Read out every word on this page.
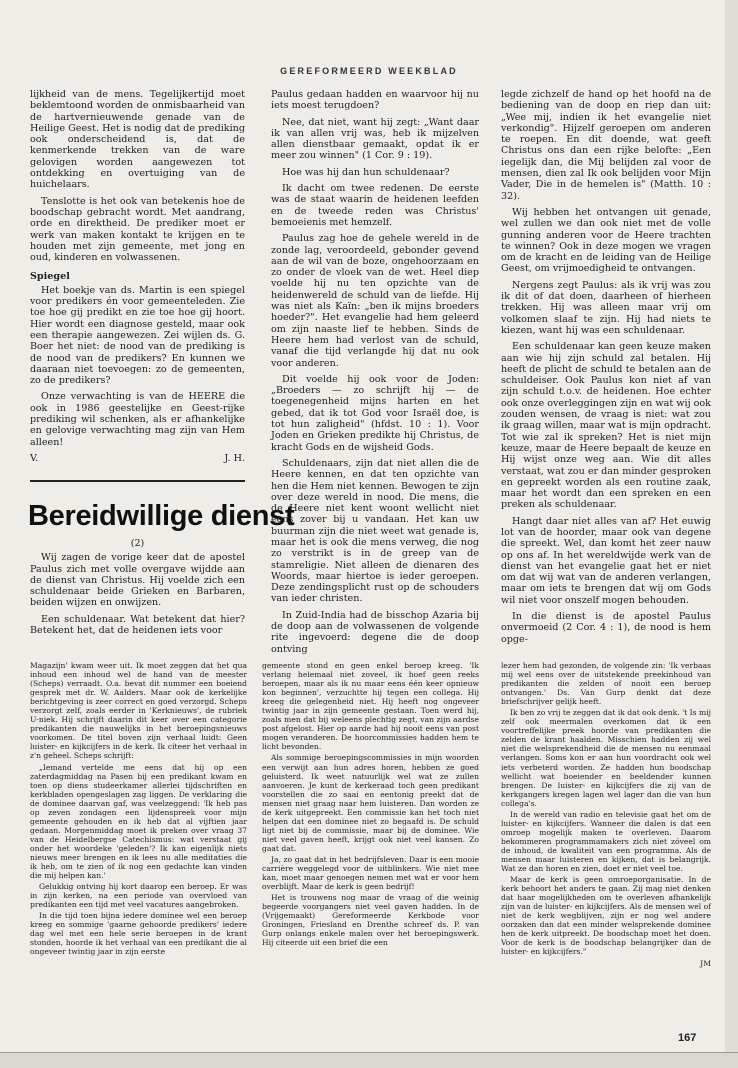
GEREFORMEERD WEEKBLAD

lijkheid van de mens. Tegelijkertijd moet beklemtoond worden de onmisbaarheid van de hartvernieuwende genade van de Heilige Geest. Het is nodig dat de prediking ook onderscheidend is, dat de kenmerkende trekken van de ware gelovigen worden aangewezen tot ontdekking en overtuiging van de huichelaars.

Tenslotte is het ook van betekenis hoe de boodschap gebracht wordt. Met aandrang, orde en direktheid. De prediker moet er werk van maken kontakt te krijgen en te houden met zijn gemeente, met jong en oud, kinderen en volwassenen.

Spiegel

Het boekje van ds. Martin is een spiegel voor predikers én voor gemeenteleden. Zie toe hoe gij predikt en zie toe hoe gij hoort. Hier wordt een diagnose gesteld, maar ook een therapie aangewezen. Zei wijlen ds. G. Boer het niet: de nood van de prediking is de nood van de predikers? En kunnen we daaraan niet toevoegen: zo de gemeenten, zo de predikers?

Onze verwachting is van de HEERE die ook in 1986 geestelijke en Geest-rijke prediking wil schenken, als er afhankelijke en gelovige verwachting mag zijn van Hem alleen!

V.	J. H.
Bereidwillige dienst
(2)

Wij zagen de vorige keer dat de apostel Paulus zich met volle overgave wijdde aan de dienst van Christus. Hij voelde zich een schuldenaar beide Grieken en Barbaren, beiden wijzen en onwijzen.

Een schuldenaar. Wat betekent dat hier? Betekent het, dat de heidenen iets voor

Paulus gedaan hadden en waarvoor hij nu iets moest terugdoen?

Nee, dat niet, want hij zegt: „Want daar ik van allen vrij was, heb ik mijzelven allen dienstbaar gemaakt, opdat ik er meer zou winnen" (1 Cor. 9 : 19).

Hoe was hij dan hun schuldenaar?

Ik dacht om twee redenen. De eerste was de staat waarin de heidenen leefden en de tweede reden was Christus' bemoeienis met hemzelf.

Paulus zag hoe de gehele wereld in de zonde lag, veroordeeld, gebonder gevend aan de wil van de boze, ongehoorzaam en zo onder de vloek van de wet. Heel diep voelde hij nu ten opzichte van de heidenwereld de schuld van de liefde. Hij was niet als Kaïn: „ben ik mijns broeders hoeder?". Het evangelie had hem geleerd om zijn naaste lief te hebben. Sinds de Heere hem had verlost van de schuld, vanaf die tijd verlangde hij dat nu ook voor anderen.

Dit voelde hij ook voor de Joden: „Broeders — zo schrijft hij — de toegenegenheid mijns harten en het gebed, dat ik tot God voor Israël doe, is tot hun zaligheid" (hfdst. 10 : 1). Voor Joden en Grieken predikte hij Christus, de kracht Gods en de wijsheid Gods.

Schuldenaars, zijn dat niet allen die de Heere kennen, en dat ten opzichte van hen die Hem niet kennen. Bewogen te zijn over deze wereld in nood. Die mens, die de Heere niet kent woont wellicht niet eens zover bij u vandaan. Het kan uw buurman zijn die niet weet wat genade is, maar het is ook die mens verweg, die nog zo verstrikt is in de greep van de stamreligie. Niet alleen de dienaren des Woords, maar hiertoe is ieder geroepen. Deze zendingsplicht rust op de schouders van ieder christen.

In Zuid-India had de bisschop Azaria bij de doop aan de volwassenen de volgende rite ingevoerd: degene die de doop ontving

legde zichzelf de hand op het hoofd na de bediening van de doop en riep dan uit: „Wee mij, indien ik het evangelie niet verkondig". Hijzelf geroepen om anderen te roepen. En dit doende, wat geeft Christus ons dan een rijke belofte: „Een iegelijk dan, die Mij belijden zal voor de mensen, dien zal Ik ook belijden voor Mijn Vader, Die in de hemelen is" (Matth. 10 : 32).

Wij hebben het ontvangen uit genade, wel zullen we dan ook niet met de volle gunning anderen voor de Heere trachten te winnen? Ook in deze mogen we vragen om de kracht en de leiding van de Heilige Geest, om vrijmoedigheid te ontvangen.

Nergens zegt Paulus: als ik vrij was zou ik dit of dat doen, daarheen of hierheen trekken. Hij was alleen maar vrij om volkomen slaaf te zijn. Hij had niets te kiezen, want hij was een schuldenaar.

Een schuldenaar kan geen keuze maken aan wie hij zijn schuld zal betalen. Hij heeft de plicht de schuld te betalen aan de schuldeiser. Ook Paulus kon niet af van zijn schuld t.o.v. de heidenen. Hoe echter ook onze overleggingen zijn en wat wij ook zouden wensen, de vraag is niet: wat zou ik graag willen, maar wat is mijn opdracht. Tot wie zal ik spreken? Het is niet mijn keuze, maar de Heere bepaalt de keuze en Hij wijst onze weg aan. Wie dit alles verstaat, wat zou er dan minder gesproken en gepreekt worden als een routine zaak, maar het wordt dan een spreken en een preken als schuldenaar.

Hangt daar niet alles van af? Het euwig lot van de hoorder, maar ook van degene die spreekt. Wel, dan komt het zeer nauw op ons af. In het wereldwijde werk van de dienst van het evangelie gaat het er niet om dat wij wat van de anderen verlangen, maar om iets te brengen dat wij om Gods wil niet voor onszelf mogen behouden.

In die dienst is de apostel Paulus onvermoeid (2 Cor. 4 : 1), de nood is hem opge-

Magazijn' kwam weer uit. Ik moet zeggen dat het qua inhoud een inhoud wel de hand van de meester (Scheps) verraadt. O.a. bevat dit nummer een boeiend gesprek met dr. W. Aalders. Maar ook de kerkelijke berichtgeving is zeer correct en goed verzorgd. Scheps verzorgt zelf, zoals eerder in 'Kerknieuws', de rubriek U-niek. Hij schrijft daarin dit keer over een categorie predikanten die nauwelijks in het beroepingsnieuws voorkomen. De titel boven zijn verhaal luidt: Geen luister- en kijkcijfers in de kerk. Ik citeer het verhaal in z'n geheel. Scheps schrijft:

„Iemand vertelde me eens dat hij op een zaterdagmiddag na Pasen bij een predikant kwam en toen op diens studeerkamer allerlei tijdschriften en kerkbladen opengeslagen zag liggen. De verklaring die de dominee daarvan gaf, was veelzeggend: 'Ik heb pas op zeven zondagen een lijdenspreek voor mijn gemeente gehouden en ik heb dat al vijftien jaar gedaan. Morgenmiddag moet ik preken over vraag 37 van de Heidelbergse Catechismus: wat verstaat gij onder het woordeke 'geleden'? Ik kan eigenlijk niets nieuws meer brengen en ik lees nu alle meditaties die ik heb, om te zien of ik nog een gedachte kan vinden die mij helpen kan.'

Gelukkig ontving hij kort daarop een beroep. Er was in zijn kerken, na een periode van overvloed van predikanten een tijd met veel vacatures aangebroken.

In die tijd toen bijna iedere dominee wel een beroep kreeg en sommige 'gaarne gehoorde predikers' iedere dag wel met een hele serie beroepen in de krant stonden, hoorde ik het verhaal van een predikant die al ongeveer twintig jaar in zijn eerste

gemeente stond en geen enkel beroep kreeg. 'Ik verlang helemaal niet zoveel, ik hoef geen reeks beroepen, maar als ik nu maar eens één keer opnieuw kon beginnen', verzuchtte hij tegen een collega. Hij kreeg die gelegenheid niet. Hij heeft nog ongeveer twintig jaar in zijn gemeente gestaan. Toen werd hij, zoals men dat bij weleens plechtig zegt, van zijn aardse post afgelost. Hier op aarde had hij nooit eens van post mogen veranderen. De hoorcommissies hadden hem te licht bevonden.

Als sommige beroepingscommissies in mijn woorden een verwijt aan hun adres horen, hebben ze goed geluisterd. Ik weet natuurlijk wel wat ze zullen aanvoeren. Je kunt de kerkeraad toch geen predikant voorstellen die zo saai en eentonig preekt dat de mensen niet graag naar hem luisteren. Dan worden ze de kerk uitgepreekt. Een commissie kan het toch niet helpen dat een dominee niet zo begaafd is. De schuld ligt niet bij de commissie, maar bij de dominee. Wie niet veel gaven heeft, krijgt ook niet veel kansen. Zo gaat dat.

Ja, zo gaat dat in het bedrijfsleven. Daar is een mooie carrière weggelegd voor de uitblinkers. Wie niet mee kan, moet maar genoegen nemen met wat er voor hem overblijft. Maar de kerk is geen bedrijf!

Het is trouwens nog maar de vraag of die weinig begeerde voorgangers niet veel gaven hadden. In de (Vrijgemaakt) Gereformeerde Kerkbode voor Groningen, Friesland en Drenthe schreef ds. P. van Gurp onlangs enkele malen over het beroepingswerk. Hij citeerde uit een brief die een

lezer hem had gezonden, de volgende zin: 'Ik verbaas mij wel eens over de uitstekende preekinhoud van predikanten die zelden of nooit een beroep ontvangen.' Ds. Van Gurp denkt dat deze briefschrijver gelijk heeft.

Ik ben zo vrij te zeggen dat ik dat ook denk. 't Is mij zelf ook meermalen overkomen dat ik een voortreffelijke preek hoorde van predikanten die zelden de krant haalden. Misschien hadden zij wel niet die welsprekendheid die de mensen nu eenmaal verlangen. Soms kon er aan hun voordracht ook wel iets verbeterd worden. Ze hadden hun boodschap wellicht wat boeiender en beeldender kunnen brengen. De luister- en kijkcijfers die zij van de kerkgangers kregen lagen wel lager dan die van hun collega's.

In de wereld van radio en televisie gaat het om de luister- en kijkcijfers. Wanneer die dalen is dat een omroep mogelijk maken te overleven. Daarom bekommeren programmamakers zich niet zóveel om de inhoud, de kwaliteit van een programma. Als de mensen maar luisteren en kijken, dat is belangrijk. Wat ze dan horen en zien, doet er niet veel toe.

Maar de kerk is geen omroeporganisatie. In de kerk behoort het anders te gaan. Zij mag niet denken dat haar mogelijkheden om te overleven afhankelijk zijn van de luister- en kijkcijfers. Als de mensen wel of niet de kerk wegblijven, zijn er nog wel andere oorzaken dan dat een minder welsprekende dominee hen de kerk uitpreekt. De boodschap moet het doen. Voor de kerk is de boodschap belangrijker dan de luister- en kijkcijfers."

JM
167
